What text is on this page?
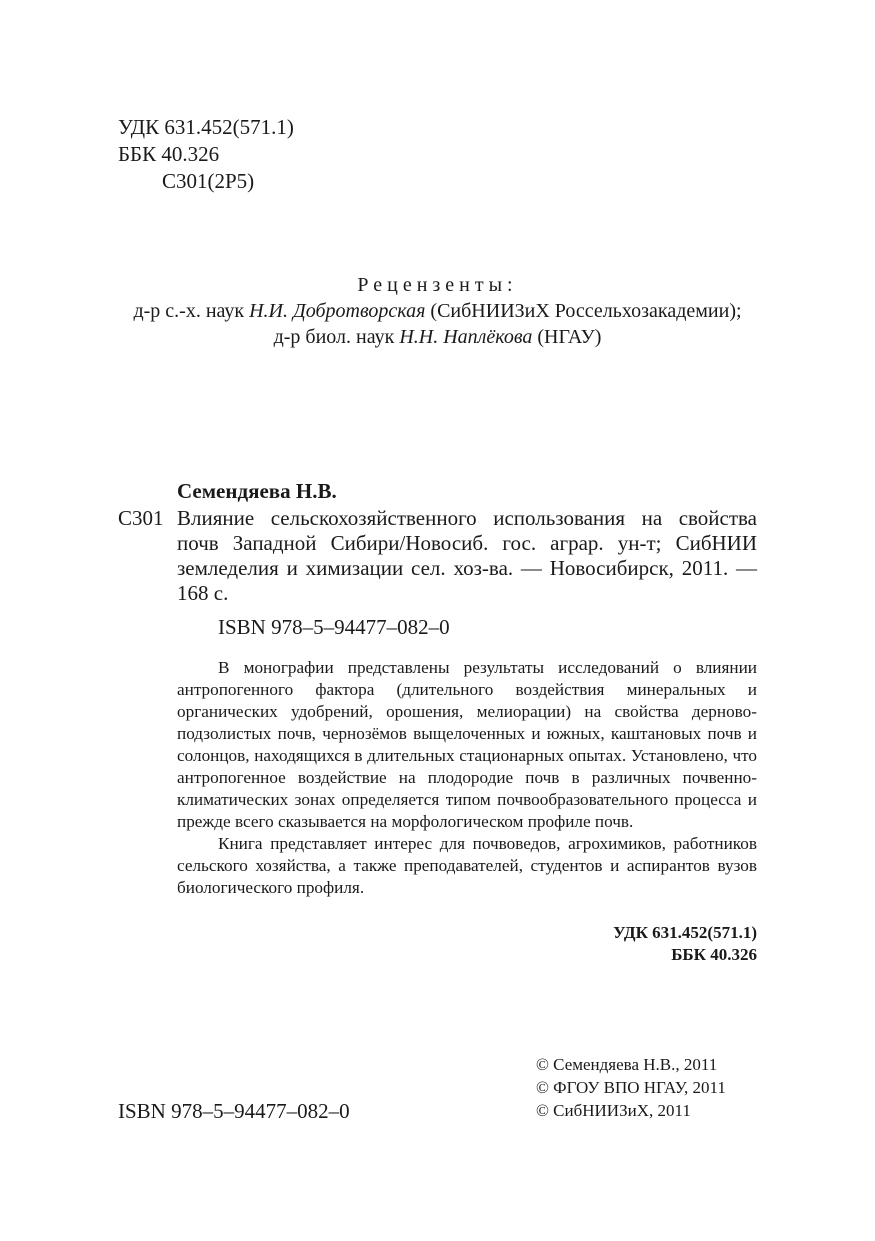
УДК 631.452(571.1)
ББК 40.326
С301(2Р5)
Рецензенты:
д-р с.-х. наук Н.И. Добротворская (СибНИИЗиХ Россельхозакадемии);
д-р биол. наук Н.Н. Наплёкова (НГАУ)
Семендяева Н.В.
С301 Влияние сельскохозяйственного использования на свойства почв Западной Сибири/Новосиб. гос. аграр. ун-т; СибНИИ земледелия и химизации сел. хоз-ва. — Новосибирск, 2011. — 168 с.
ISBN 978–5–94477–082–0

В монографии представлены результаты исследований о влиянии антропогенного фактора (длительного воздействия минеральных и органических удобрений, орошения, мелиорации) на свойства дерново-подзолистых почв, чернозёмов выщелоченных и южных, каштановых почв и солонцов, находящихся в длительных стационарных опытах. Установлено, что антропогенное воздействие на плодородие почв в различных почвенно-климатических зонах определяется типом почвообразовательного процесса и прежде всего сказывается на морфологическом профиле почв.

Книга представляет интерес для почвоведов, агрохимиков, работников сельского хозяйства, а также преподавателей, студентов и аспирантов вузов биологического профиля.

УДК 631.452(571.1)
ББК 40.326
© Семендяева Н.В., 2011
© ФГОУ ВПО НГАУ, 2011
© СибНИИЗиХ, 2011
ISBN 978–5–94477–082–0
